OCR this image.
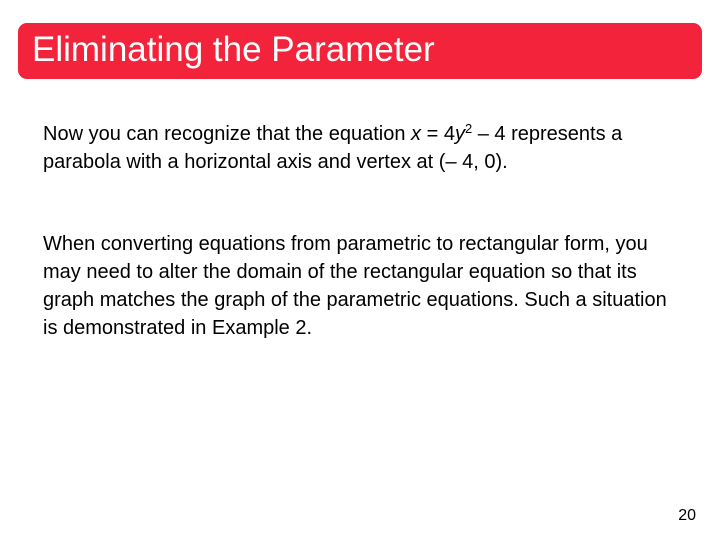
Eliminating the Parameter
Now you can recognize that the equation $x = 4y^2 - 4$ represents a parabola with a horizontal axis and vertex at (– 4, 0).
When converting equations from parametric to rectangular form, you may need to alter the domain of the rectangular equation so that its graph matches the graph of the parametric equations. Such a situation is demonstrated in Example 2.
20
